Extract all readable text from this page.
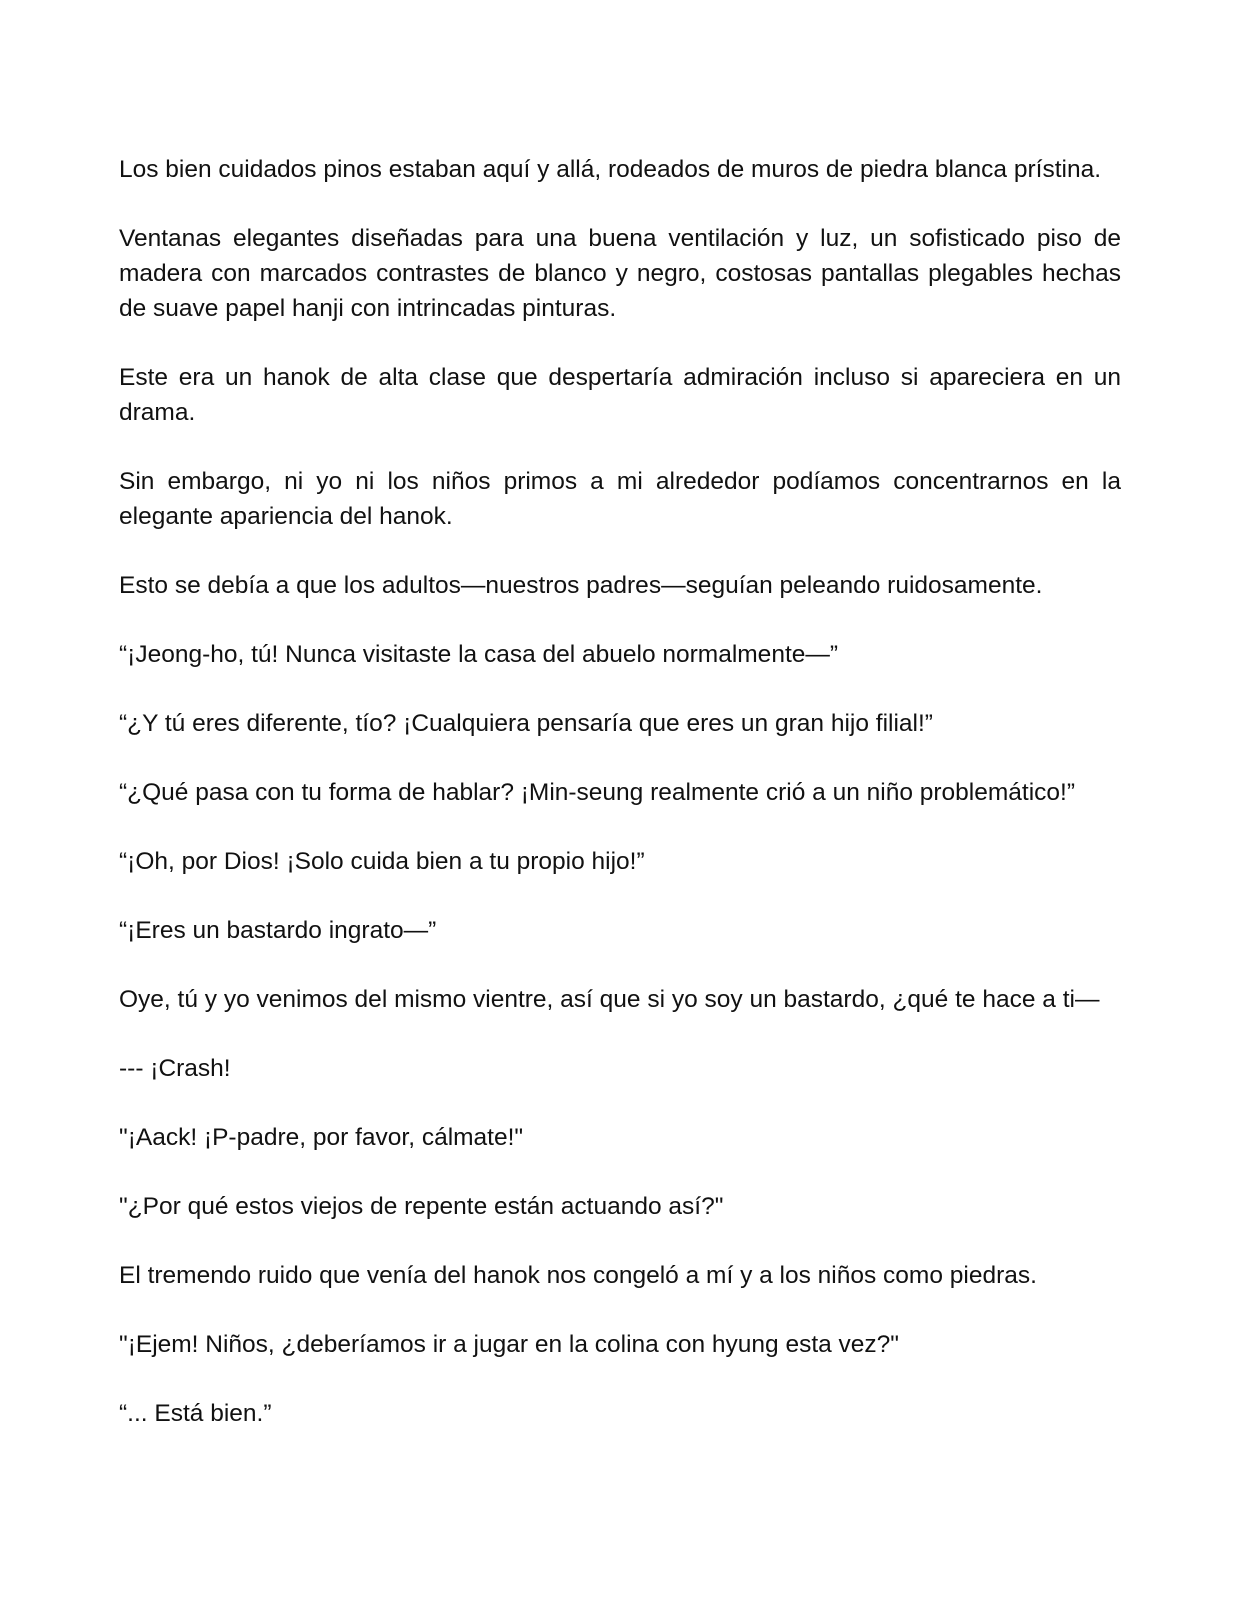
Los bien cuidados pinos estaban aquí y allá, rodeados de muros de piedra blanca prístina.

Ventanas elegantes diseñadas para una buena ventilación y luz, un sofisticado piso de madera con marcados contrastes de blanco y negro, costosas pantallas plegables hechas de suave papel hanji con intrincadas pinturas.

Este era un hanok de alta clase que despertaría admiración incluso si apareciera en un drama.

Sin embargo, ni yo ni los niños primos a mi alrededor podíamos concentrarnos en la elegante apariencia del hanok.

Esto se debía a que los adultos—nuestros padres—seguían peleando ruidosamente.

“¡Jeong-ho, tú! Nunca visitaste la casa del abuelo normalmente—”

“¿Y tú eres diferente, tío? ¡Cualquiera pensaría que eres un gran hijo filial!”

“¿Qué pasa con tu forma de hablar? ¡Min-seung realmente crió a un niño problemático!”

“¡Oh, por Dios! ¡Solo cuida bien a tu propio hijo!”

“¡Eres un bastardo ingrato—”

Oye, tú y yo venimos del mismo vientre, así que si yo soy un bastardo, ¿qué te hace a ti—

--- ¡Crash!

"¡Aack! ¡P-padre, por favor, cálmate!"

"¿Por qué estos viejos de repente están actuando así?"

El tremendo ruido que venía del hanok nos congeló a mí y a los niños como piedras.

"¡Ejem! Niños, ¿deberíamos ir a jugar en la colina con hyung esta vez?"

“... Está bien.”
